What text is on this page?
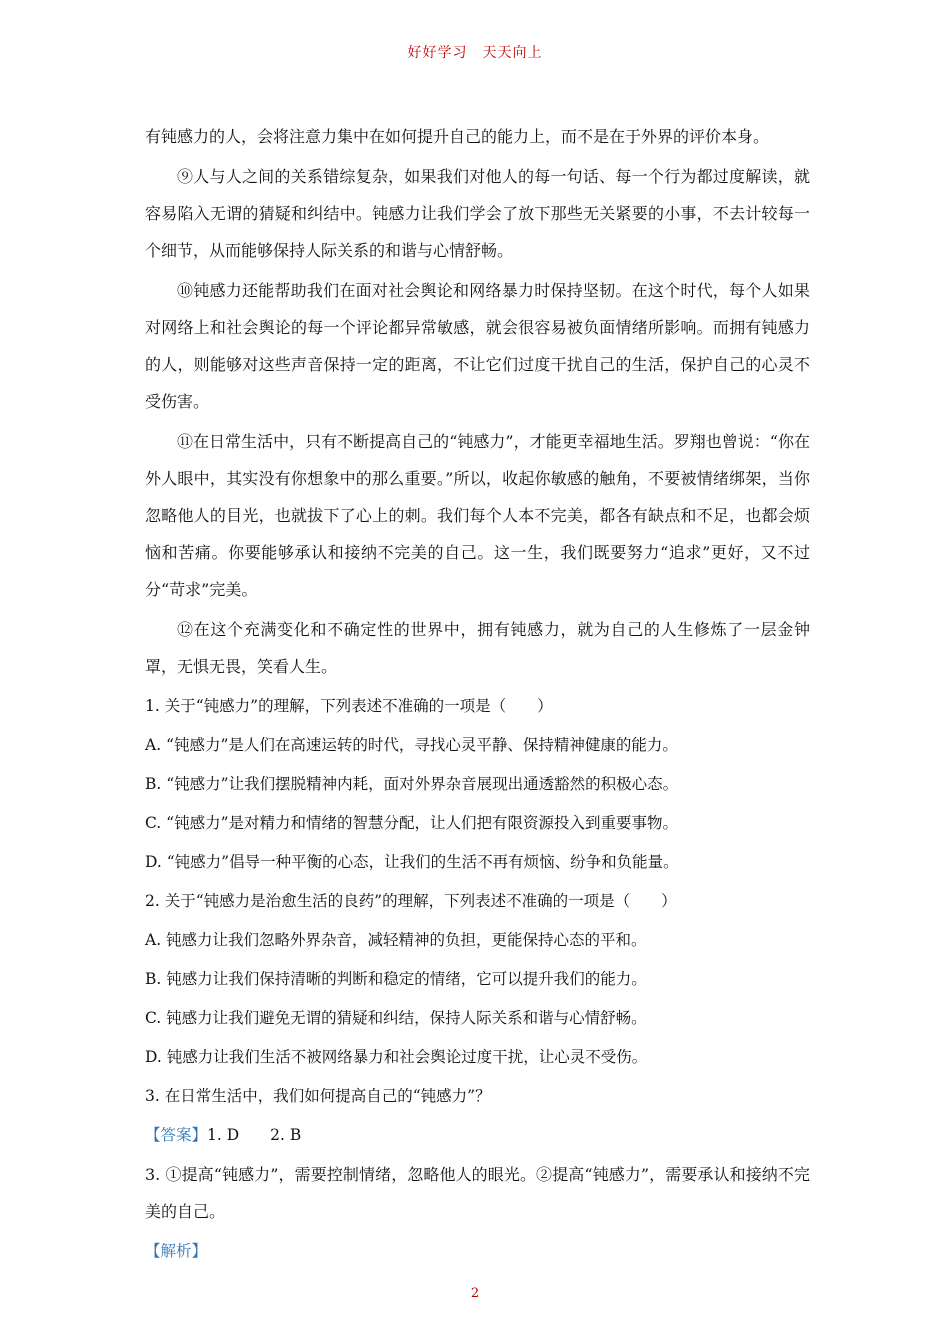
好好学习　天天向上

有钝感力的人，会将注意力集中在如何提升自己的能力上，而不是在于外界的评价本身。

⑨人与人之间的关系错综复杂，如果我们对他人的每一句话、每一个行为都过度解读，就容易陷入无谓的猜疑和纠结中。钝感力让我们学会了放下那些无关紧要的小事，不去计较每一个细节，从而能够保持人际关系的和谐与心情舒畅。

⑩钝感力还能帮助我们在面对社会舆论和网络暴力时保持坚韧。在这个时代，每个人如果对网络上和社会舆论的每一个评论都异常敏感，就会很容易被负面情绪所影响。而拥有钝感力的人，则能够对这些声音保持一定的距离，不让它们过度干扰自己的生活，保护自己的心灵不受伤害。

⑪在日常生活中，只有不断提高自己的“钝感力”，才能更幸福地生活。罗翔也曾说：“你在外人眼中，其实没有你想象中的那么重要。”所以，收起你敏感的触角，不要被情绪绑架，当你忽略他人的目光，也就拔下了心上的刺。我们每个人本不完美，都各有缺点和不足，也都会烦恼和苦痛。你要能够承认和接纳不完美的自己。这一生，我们既要努力“追求”更好，又不过分“苛求”完美。

⑫在这个充满变化和不确定性的世界中，拥有钝感力，就为自己的人生修炼了一层金钟罩，无惧无畏，笑看人生。

1. 关于“钝感力”的理解，下列表述不准确的一项是（　　）

A. “钝感力”是人们在高速运转的时代，寻找心灵平静、保持精神健康的能力。

B. “钝感力”让我们摆脱精神内耗，面对外界杂音展现出通透豁然的积极心态。

C. “钝感力”是对精力和情绪的智慧分配，让人们把有限资源投入到重要事物。

D. “钝感力”倡导一种平衡的心态，让我们的生活不再有烦恼、纷争和负能量。

2. 关于“钝感力是治愈生活的良药”的理解，下列表述不准确的一项是（　　）

A. 钝感力让我们忽略外界杂音，减轻精神的负担，更能保持心态的平和。

B. 钝感力让我们保持清晰的判断和稳定的情绪，它可以提升我们的能力。

C. 钝感力让我们避免无谓的猜疑和纠结，保持人际关系和谐与心情舒畅。

D. 钝感力让我们生活不被网络暴力和社会舆论过度干扰，让心灵不受伤。

3. 在日常生活中，我们如何提高自己的“钝感力”？

【答案】1. D　　2. B

3. ①提高“钝感力”，需要控制情绪，忽略他人的眼光。②提高“钝感力”，需要承认和接纳不完美的自己。

【解析】

2
